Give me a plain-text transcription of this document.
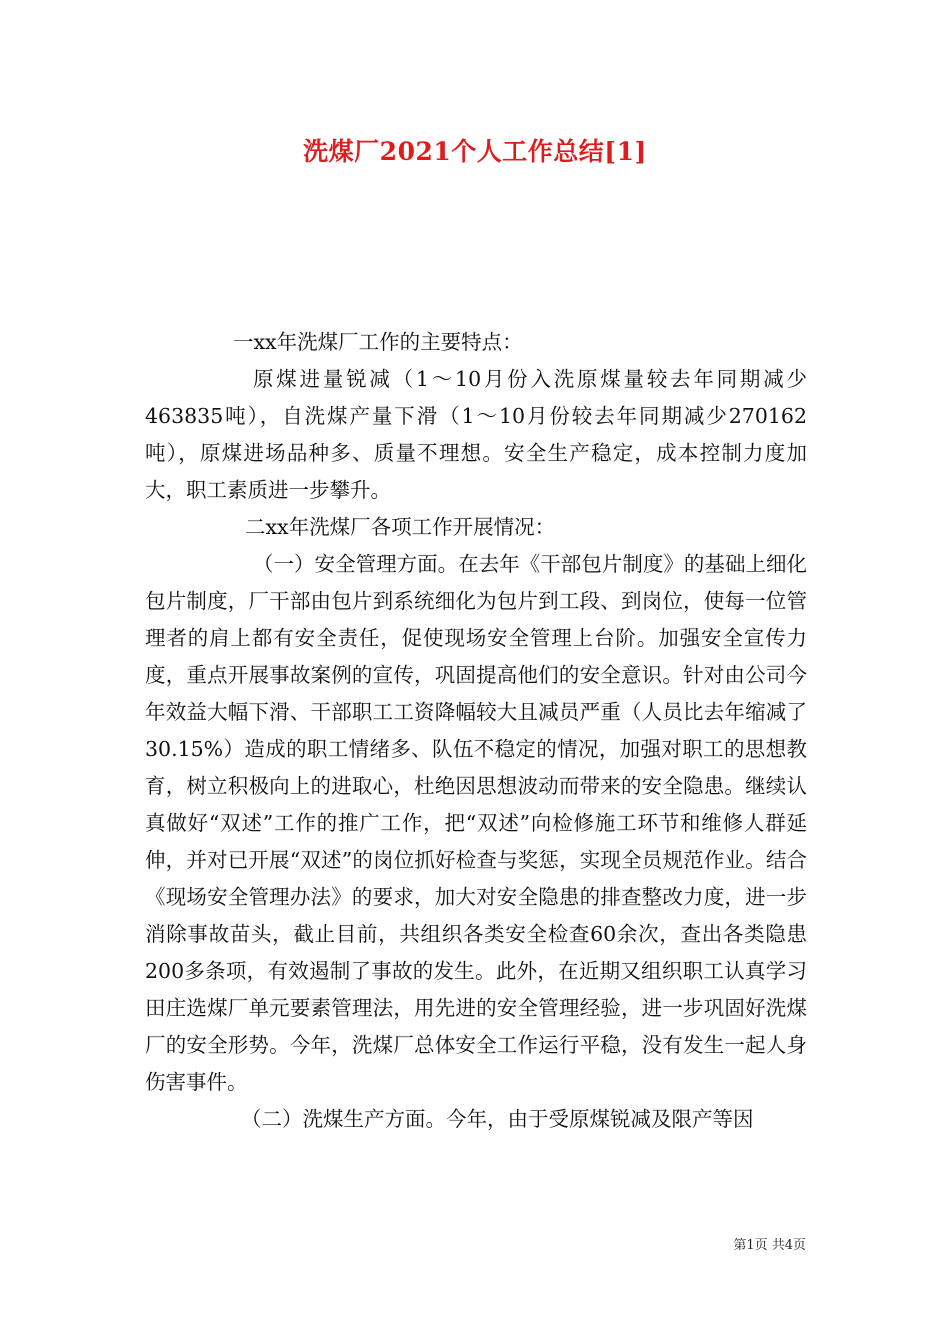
洗煤厂2021个人工作总结[1]

一xx年洗煤厂工作的主要特点：

原煤进量锐减（1～10月份入洗原煤量较去年同期减少463835吨），自洗煤产量下滑（1～10月份较去年同期减少270162吨），原煤进场品种多、质量不理想。安全生产稳定，成本控制力度加大，职工素质进一步攀升。

二xx年洗煤厂各项工作开展情况：

（一）安全管理方面。在去年《干部包片制度》的基础上细化包片制度，厂干部由包片到系统细化为包片到工段、到岗位，使每一位管理者的肩上都有安全责任，促使现场安全管理上台阶。加强安全宣传力度，重点开展事故案例的宣传，巩固提高他们的安全意识。针对由公司今年效益大幅下滑、干部职工工资降幅较大且减员严重（人员比去年缩减了30.15%）造成的职工情绪多、队伍不稳定的情况，加强对职工的思想教育，树立积极向上的进取心，杜绝因思想波动而带来的安全隐患。继续认真做好“双述”工作的推广工作，把“双述”向检修施工环节和维修人群延伸，并对已开展“双述”的岗位抓好检查与奖惩，实现全员规范作业。结合《现场安全管理办法》的要求，加大对安全隐患的排查整改力度，进一步消除事故苗头，截止目前，共组织各类安全检查60余次，查出各类隐患200多条项，有效遏制了事故的发生。此外，在近期又组织职工认真学习田庄选煤厂单元要素管理法，用先进的安全管理经验，进一步巩固好洗煤厂的安全形势。今年，洗煤厂总体安全工作运行平稳，没有发生一起人身伤害事件。

（二）洗煤生产方面。今年，由于受原煤锐减及限产等因

第1页 共4页
